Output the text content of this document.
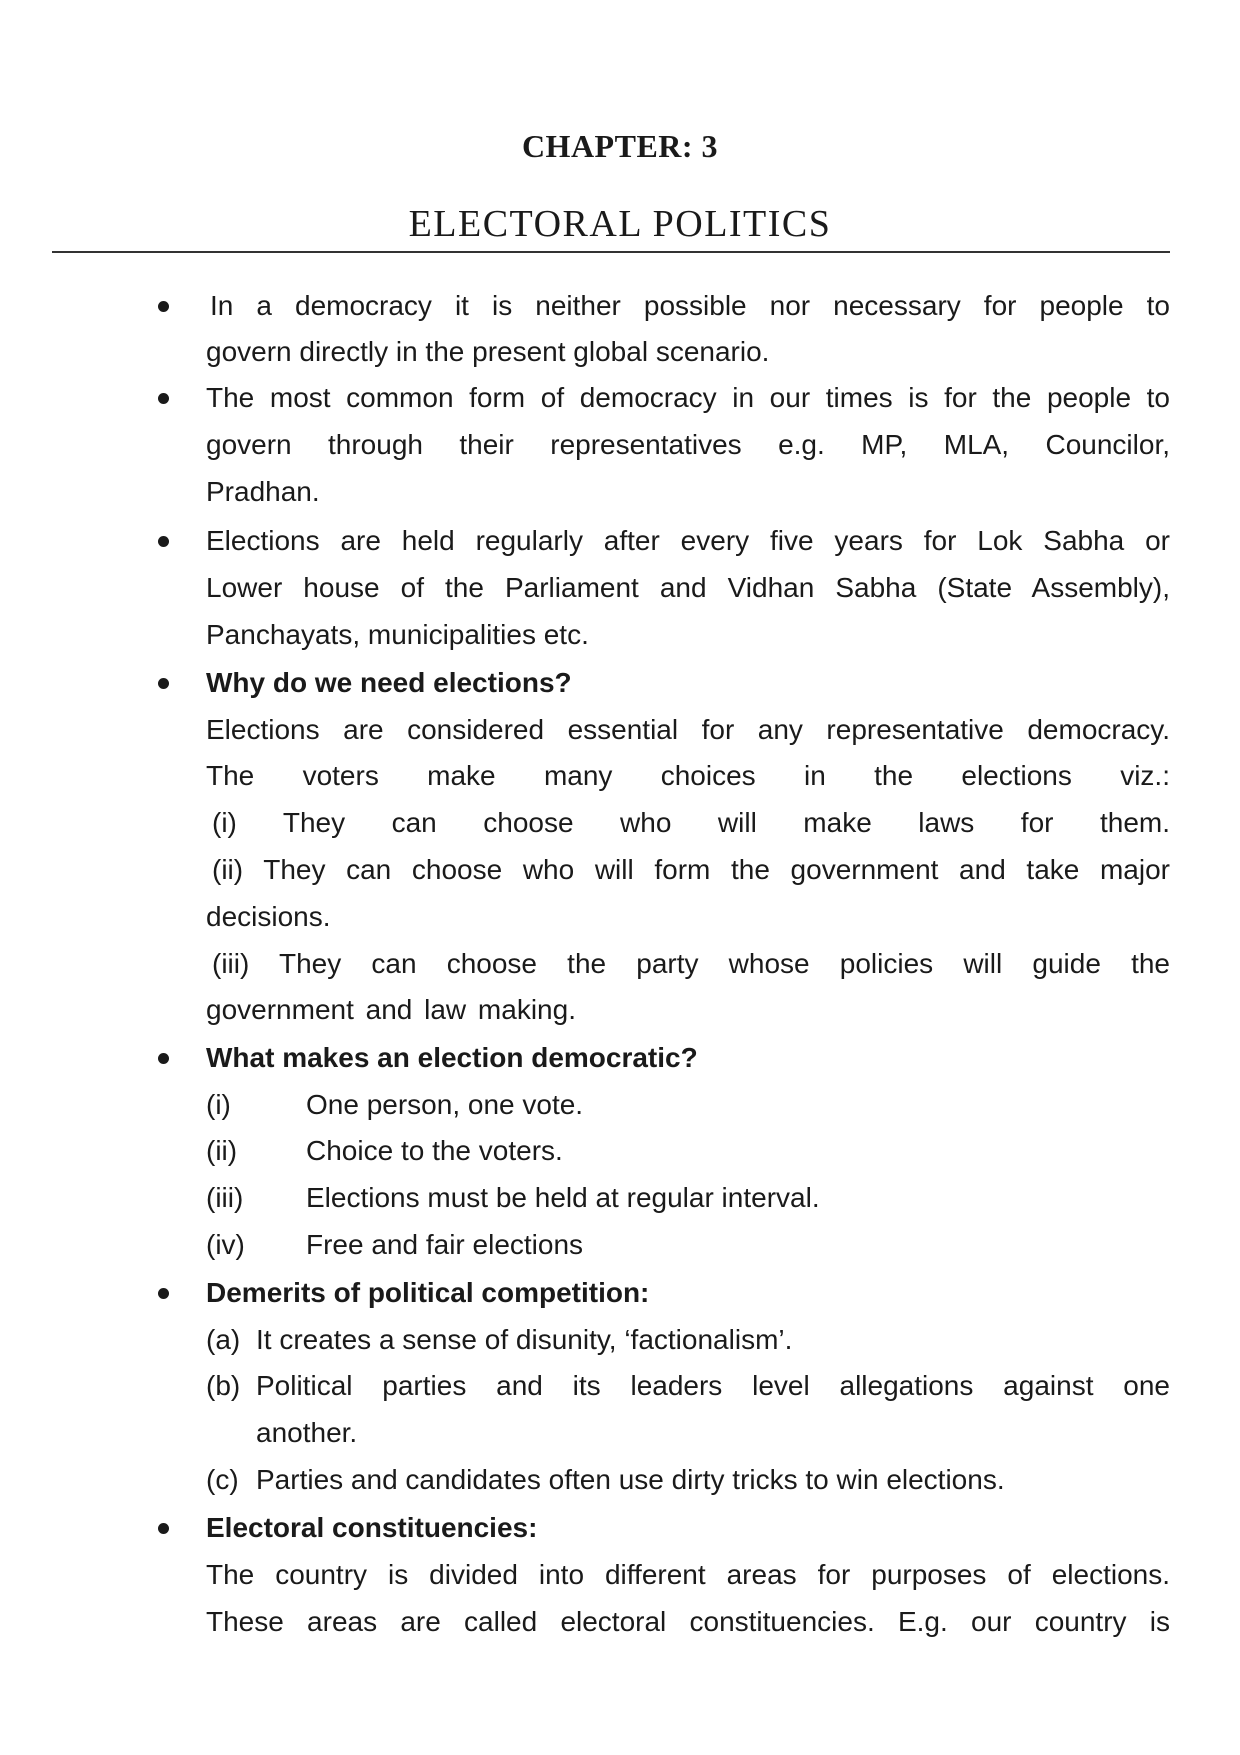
CHAPTER: 3
ELECTORAL POLITICS
In a democracy it is neither possible nor necessary for people to
govern directly in the present global scenario.
The most common form of democracy in our times is for the people to
govern through their representatives e.g. MP, MLA, Councilor,
Pradhan.
Elections are held regularly after every five years for Lok Sabha or
Lower house of the Parliament and Vidhan Sabha (State Assembly),
Panchayats, municipalities etc.
Why do we need elections?
Elections are considered essential for any representative democracy.
The voters make many choices in the elections viz.:
(i) They can choose who will make laws for them.
(ii) They can choose who will form the government and take major
decisions.
(iii) They can choose the party whose policies will guide the
government and law making.
What makes an election democratic?
(i)	One person, one vote.
(ii) Choice to the voters.
(iii) Elections must be held at regular interval.
(iv) Free and fair elections
Demerits of political competition:
(a) It creates a sense of disunity, ‘factionalism’.
(b) Political parties and its leaders level allegations against one
another.
(c) Parties and candidates often use dirty tricks to win elections.
Electoral constituencies:
The country is divided into different areas for purposes of elections.
These areas are called electoral constituencies. E.g. our country is
